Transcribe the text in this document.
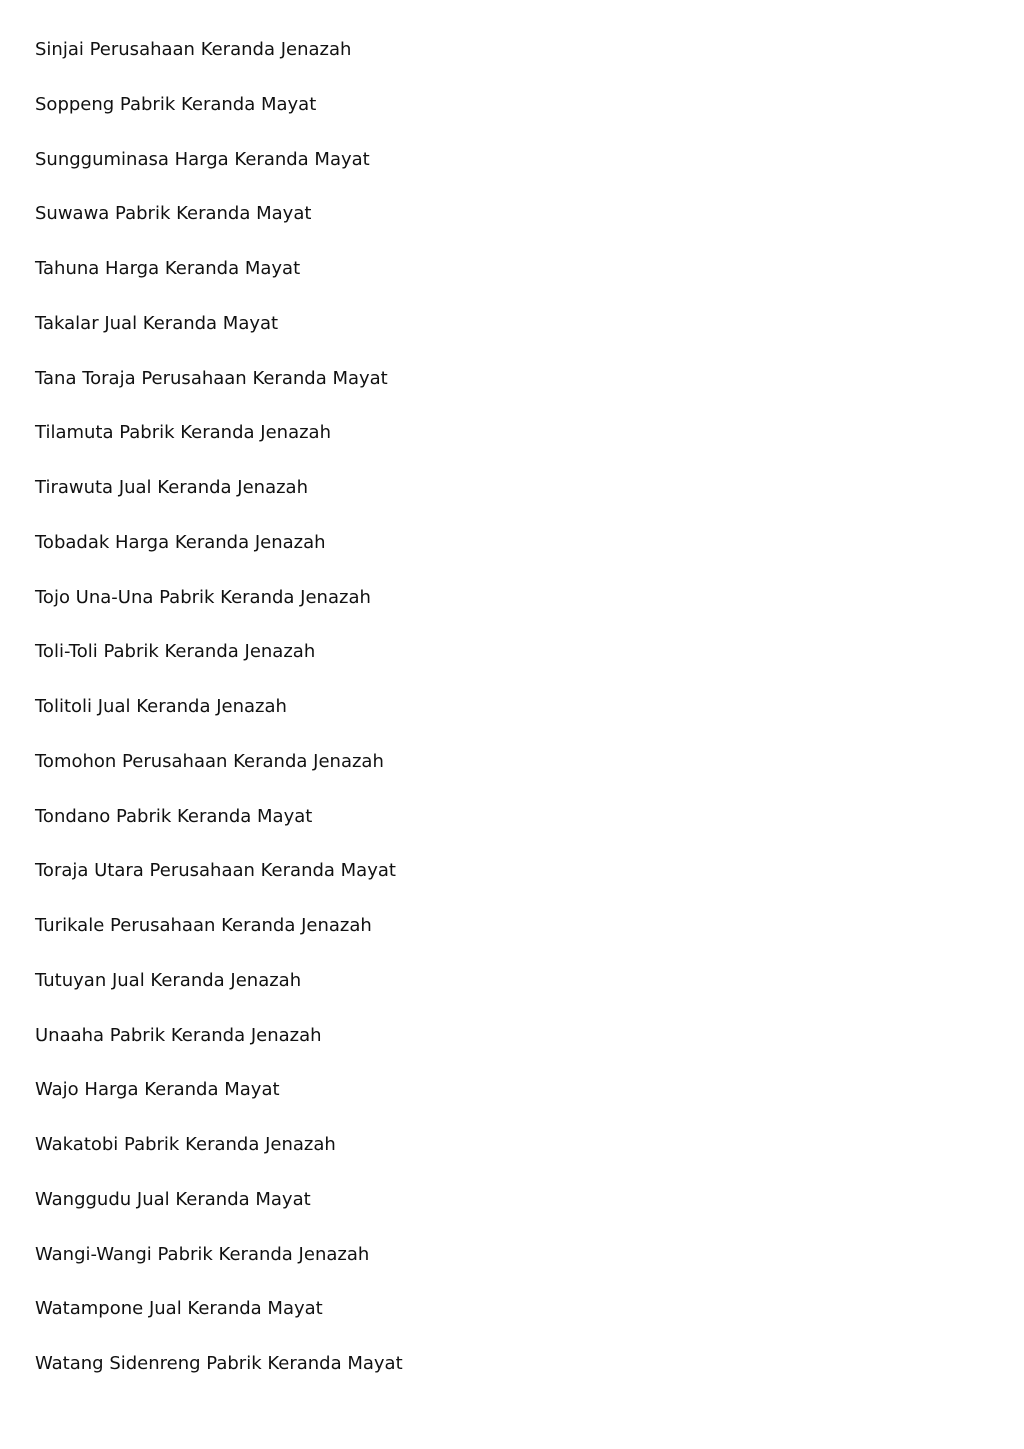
Sinjai Perusahaan Keranda Jenazah
Soppeng Pabrik Keranda Mayat
Sungguminasa Harga Keranda Mayat
Suwawa Pabrik Keranda Mayat
Tahuna Harga Keranda Mayat
Takalar Jual Keranda Mayat
Tana Toraja Perusahaan Keranda Mayat
Tilamuta Pabrik Keranda Jenazah
Tirawuta Jual Keranda Jenazah
Tobadak Harga Keranda Jenazah
Tojo Una-Una Pabrik Keranda Jenazah
Toli-Toli Pabrik Keranda Jenazah
Tolitoli Jual Keranda Jenazah
Tomohon Perusahaan Keranda Jenazah
Tondano Pabrik Keranda Mayat
Toraja Utara Perusahaan Keranda Mayat
Turikale Perusahaan Keranda Jenazah
Tutuyan Jual Keranda Jenazah
Unaaha Pabrik Keranda Jenazah
Wajo Harga Keranda Mayat
Wakatobi Pabrik Keranda Jenazah
Wanggudu Jual Keranda Mayat
Wangi-Wangi Pabrik Keranda Jenazah
Watampone Jual Keranda Mayat
Watang Sidenreng Pabrik Keranda Mayat
